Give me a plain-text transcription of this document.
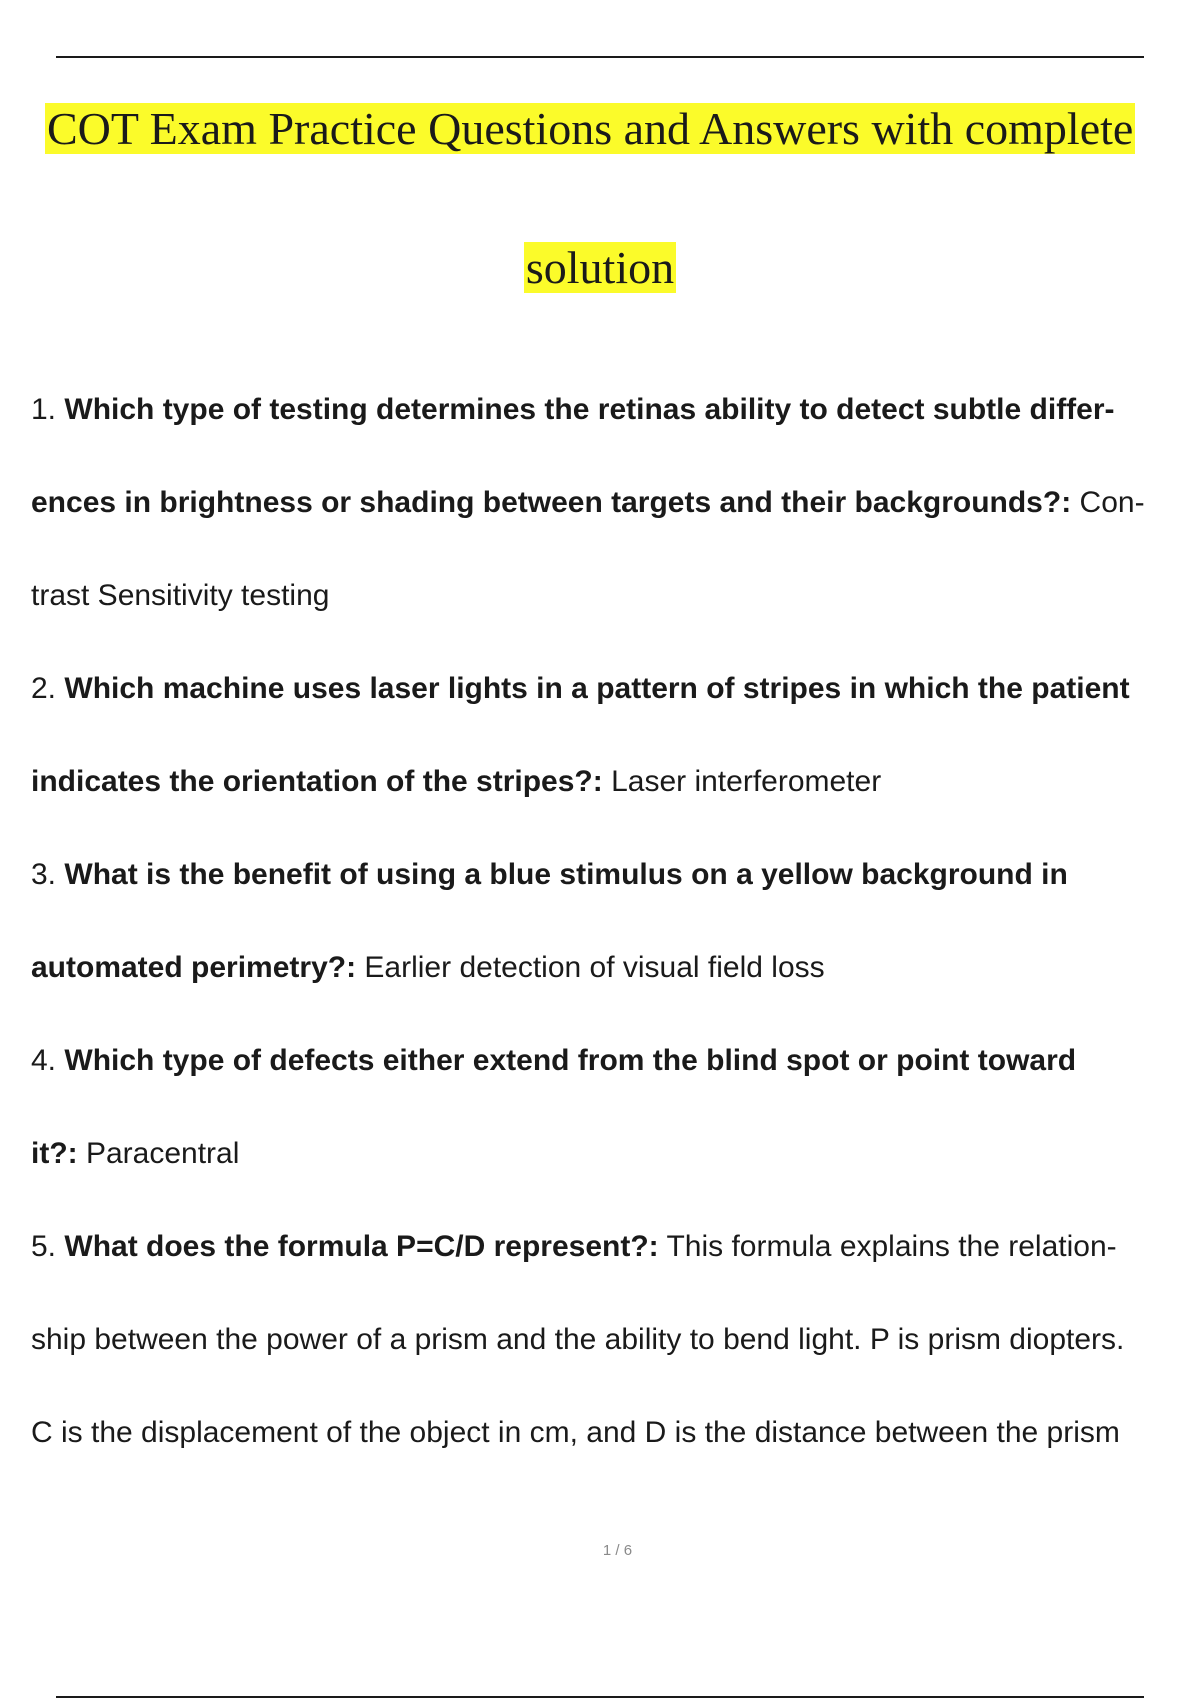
COT Exam Practice Questions and Answers with complete
solution
1. Which type of testing determines the retinas ability to detect subtle differ-
ences in brightness or shading between targets and their backgrounds?: Con-
trast Sensitivity testing
2. Which machine uses laser lights in a pattern of stripes in which the patient
indicates the orientation of the stripes?: Laser interferometer
3. What is the benefit of using a blue stimulus on a yellow background in
automated perimetry?: Earlier detection of visual field loss
4. Which type of defects either extend from the blind spot or point toward
it?: Paracentral
5. What does the formula P=C/D represent?: This formula explains the relation-
ship between the power of a prism and the ability to bend light. P is prism diopters.
C is the displacement of the object in cm, and D is the distance between the prism
1 / 6
